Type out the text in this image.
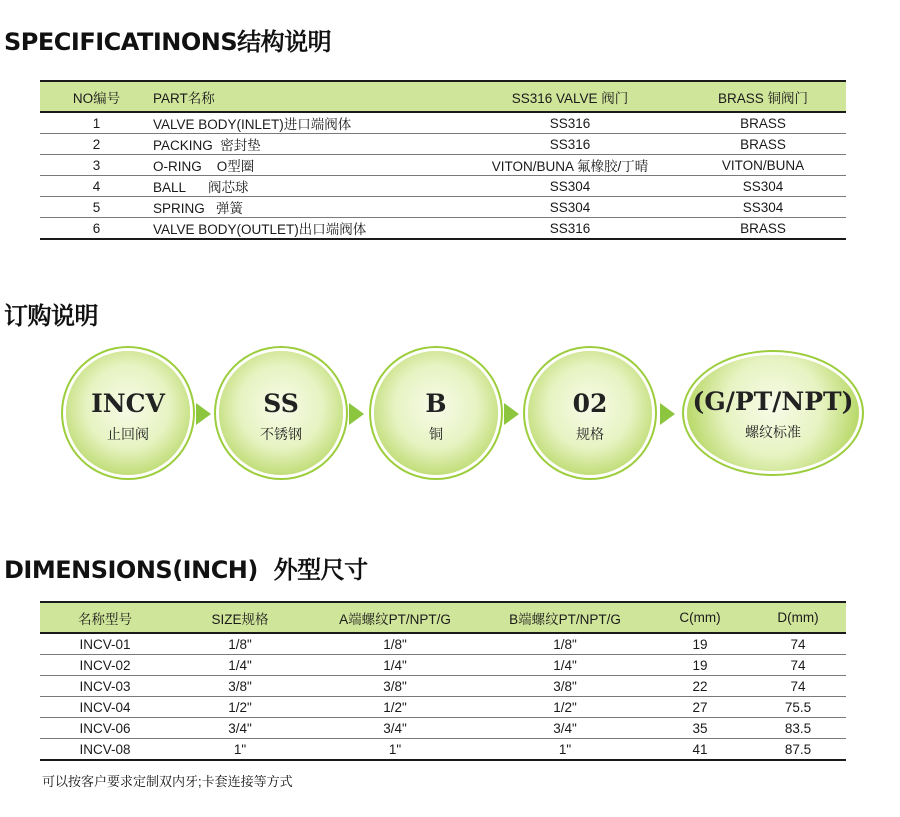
SPECIFICATINONS结构说明
NO编号	PART名称	SS316 VALVE 阀门	BRASS 铜阀门
1	VALVE BODY(INLET)进口端阀体	SS316	BRASS
2	PACKING  密封垫	SS316	BRASS
3	O-RING    O型圈	VITON/BUNA 氟橡胶/丁晴	VITON/BUNA
4	BALL      阀芯球	SS304	SS304
5	SPRING   弹簧	SS304	SS304
6	VALVE BODY(OUTLET)出口端阀体	SS316	BRASS
订购说明
INCV
止回阀
SS
不锈钢
B
铜
02
规格
(G/PT/NPT)
螺纹标准
DIMENSIONS(INCH)  外型尺寸
名称型号	SIZE规格	A端螺纹PT/NPT/G	B端螺纹PT/NPT/G	C(mm)	D(mm)
INCV-01	1/8"	1/8"	1/8"	19	74
INCV-02	1/4"	1/4"	1/4"	19	74
INCV-03	3/8"	3/8"	3/8"	22	74
INCV-04	1/2"	1/2"	1/2"	27	75.5
INCV-06	3/4"	3/4"	3/4"	35	83.5
INCV-08	1"	1"	1"	41	87.5
可以按客户要求定制双内牙;卡套连接等方式
